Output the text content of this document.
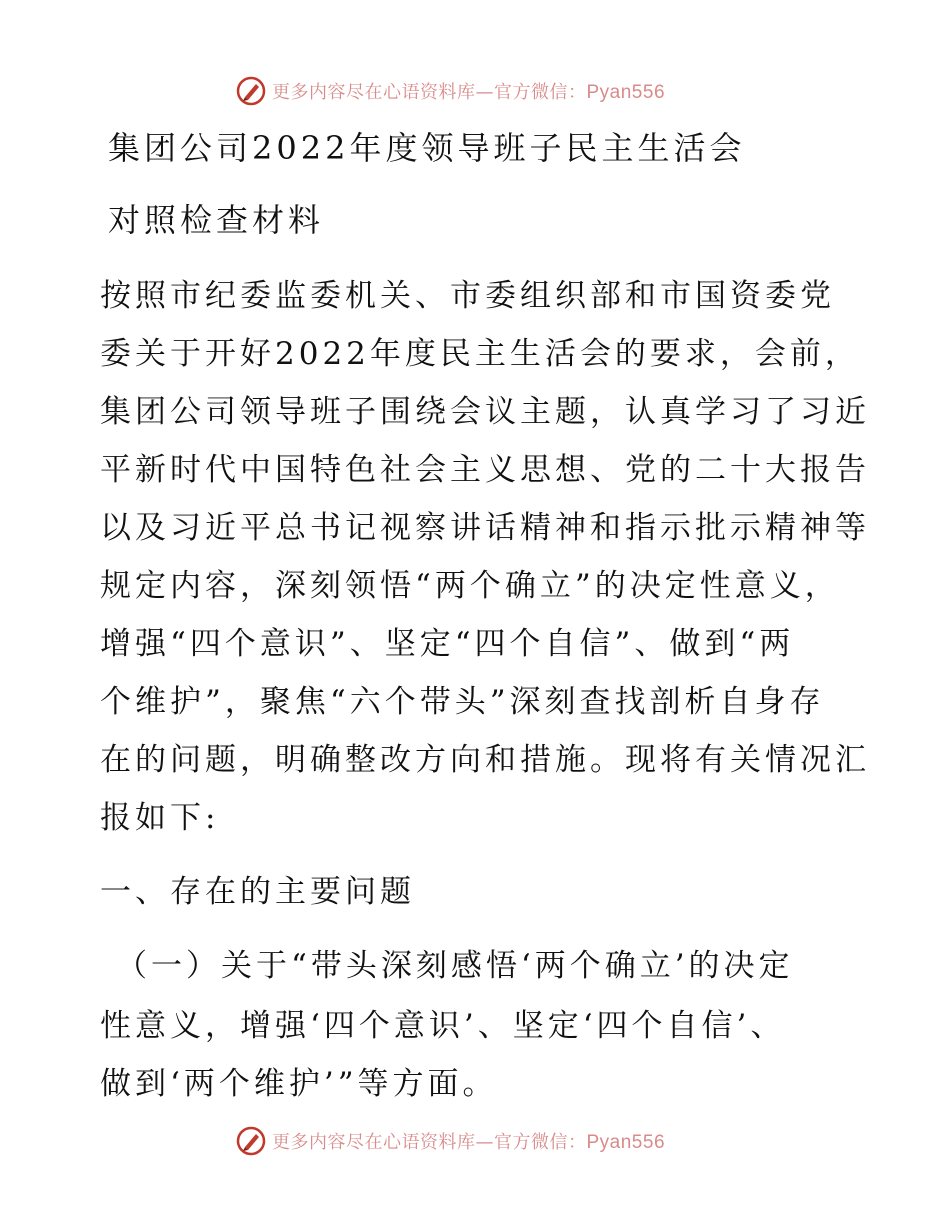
更多内容尽在心语资料库—官方微信：Pyan556
集团公司2022年度领导班子民主生活会
对照检查材料
按照市纪委监委机关、市委组织部和市国资委党
委关于开好2022年度民主生活会的要求，会前，
集团公司领导班子围绕会议主题，认真学习了习近
平新时代中国特色社会主义思想、党的二十大报告
以及习近平总书记视察讲话精神和指示批示精神等
规定内容，深刻领悟“两个确立”的决定性意义，
增强“四个意识”、坚定“四个自信”、做到“两
个维护”，聚焦“六个带头”深刻查找剖析自身存
在的问题，明确整改方向和措施。现将有关情况汇
报如下:
一、存在的主要问题
（一）关于“带头深刻感悟‘两个确立’的决定
性意义，增强‘四个意识’、坚定‘四个自信’、
做到‘两个维护’”等方面。
更多内容尽在心语资料库—官方微信：Pyan556
